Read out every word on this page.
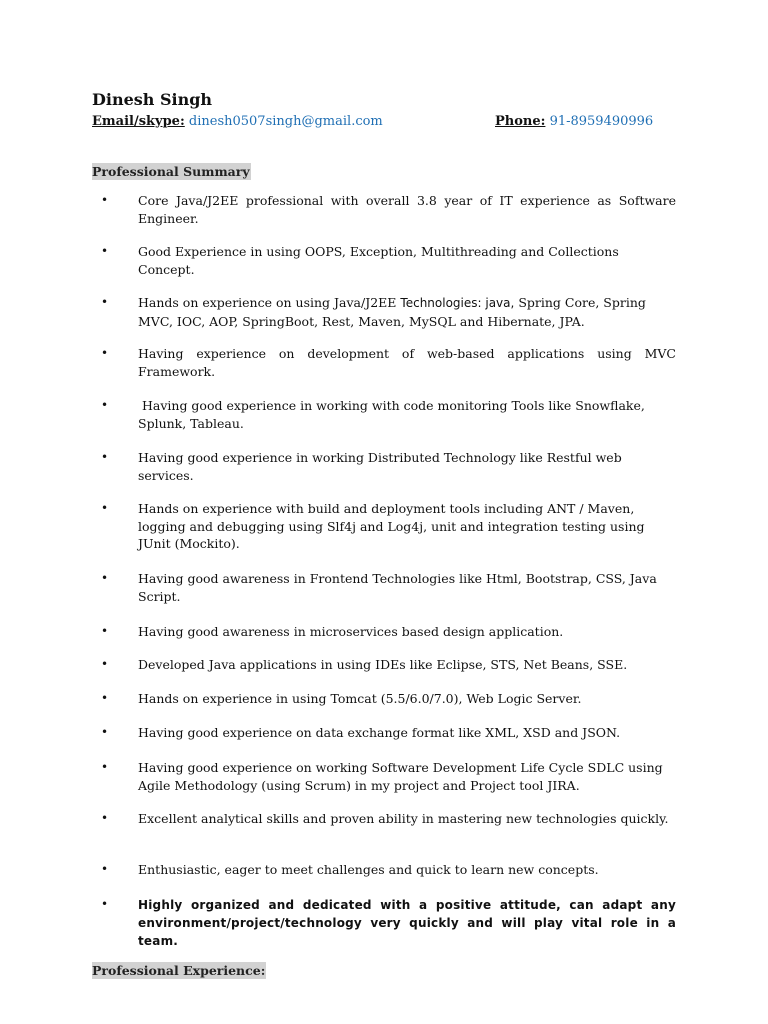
Dinesh Singh
Email/skype: dinesh0507singh@gmail.com	Phone: 91-8959490996
Professional Summary
• Core Java/J2EE professional with overall 3.8 year of IT experience as Software Engineer.
• Good Experience in using OOPS, Exception, Multithreading and Collections Concept.
• Hands on experience on using Java/J2EE Technologies: java, Spring Core, Spring MVC, IOC, AOP, SpringBoot, Rest, Maven, MySQL and Hibernate, JPA.
• Having experience on development of web-based applications using MVC Framework.
• Having good experience in working with code monitoring Tools like Snowflake, Splunk, Tableau.
• Having good experience in working Distributed Technology like Restful web services.
• Hands on experience with build and deployment tools including ANT / Maven, logging and debugging using Slf4j and Log4j, unit and integration testing using JUnit (Mockito).
• Having good awareness in Frontend Technologies like Html, Bootstrap, CSS, Java Script.
• Having good awareness in microservices based design application.
• Developed Java applications in using IDEs like Eclipse, STS, Net Beans, SSE.
• Hands on experience in using Tomcat (5.5/6.0/7.0), Web Logic Server.
• Having good experience on data exchange format like XML, XSD and JSON.
• Having good experience on working Software Development Life Cycle SDLC using Agile Methodology (using Scrum) in my project and Project tool JIRA.
• Excellent analytical skills and proven ability in mastering new technologies quickly.
• Enthusiastic, eager to meet challenges and quick to learn new concepts.
• Highly organized and dedicated with a positive attitude, can adapt any environment/project/technology very quickly and will play vital role in a team.
Professional Experience:
